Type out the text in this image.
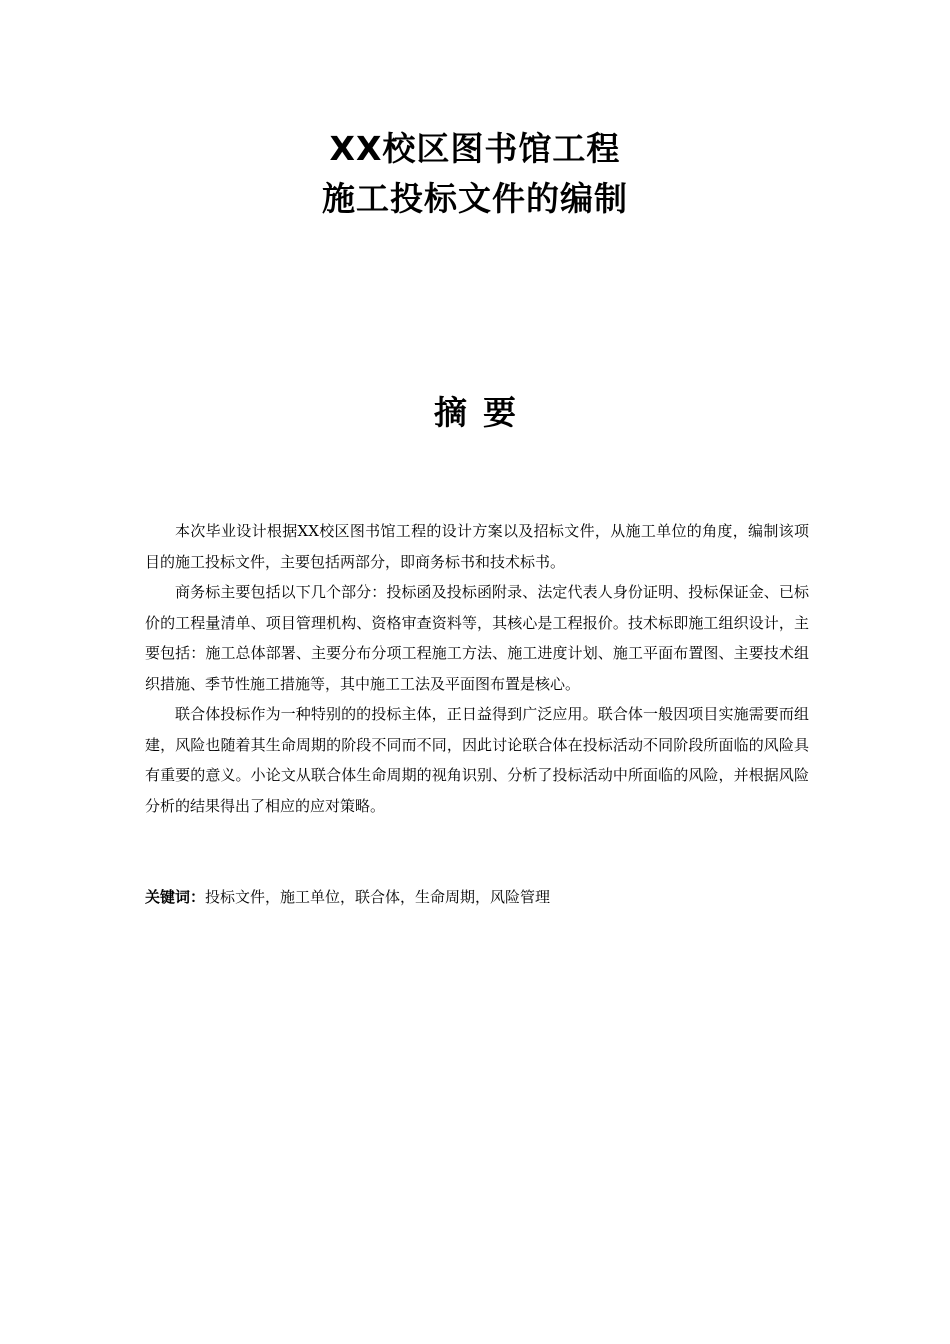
XX校区图书馆工程
施工投标文件的编制
摘 要

本次毕业设计根据XX校区图书馆工程的设计方案以及招标文件，从施工单位的角度，编制该项目的施工投标文件，主要包括两部分，即商务标书和技术标书。

商务标主要包括以下几个部分：投标函及投标函附录、法定代表人身份证明、投标保证金、已标价的工程量清单、项目管理机构、资格审查资料等，其核心是工程报价。技术标即施工组织设计，主要包括：施工总体部署、主要分布分项工程施工方法、施工进度计划、施工平面布置图、主要技术组织措施、季节性施工措施等，其中施工工法及平面图布置是核心。

联合体投标作为一种特别的的投标主体，正日益得到广泛应用。联合体一般因项目实施需要而组建，风险也随着其生命周期的阶段不同而不同，因此讨论联合体在投标活动不同阶段所面临的风险具有重要的意义。小论文从联合体生命周期的视角识别、分析了投标活动中所面临的风险，并根据风险分析的结果得出了相应的应对策略。

关键词：投标文件，施工单位，联合体，生命周期，风险管理
